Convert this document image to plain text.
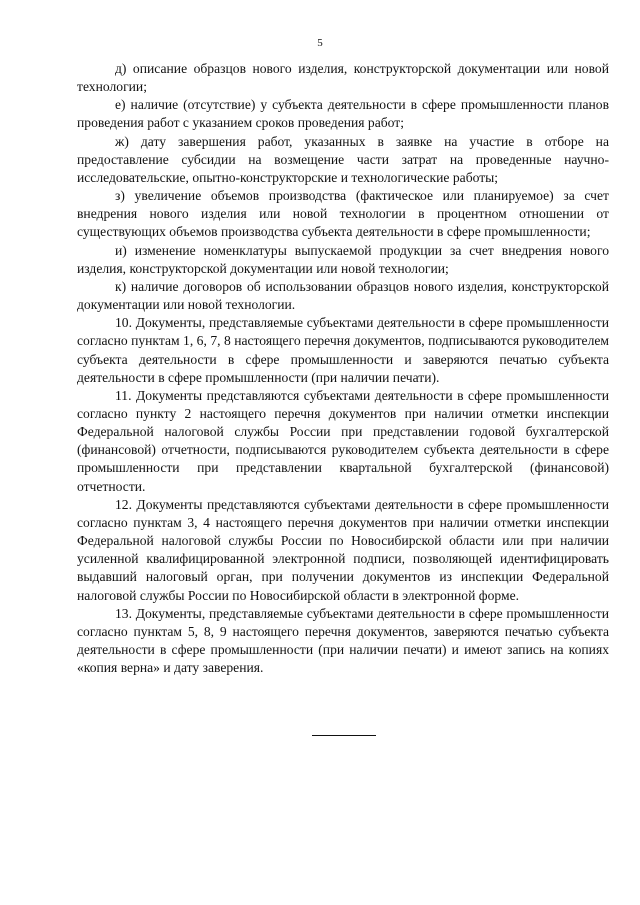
5

д) описание образцов нового изделия, конструкторской документации или новой технологии;

е) наличие (отсутствие) у субъекта деятельности в сфере промышленности планов проведения работ с указанием сроков проведения работ;

ж) дату завершения работ, указанных в заявке на участие в отборе на предоставление субсидии на возмещение части затрат на проведенные научно-исследовательские, опытно-конструкторские и технологические работы;

з) увеличение объемов производства (фактическое или планируемое) за счет внедрения нового изделия или новой технологии в процентном отношении от существующих объемов производства субъекта деятельности в сфере промышленности;

и) изменение номенклатуры выпускаемой продукции за счет внедрения нового изделия, конструкторской документации или новой технологии;

к) наличие договоров об использовании образцов нового изделия, конструкторской документации или новой технологии.

10. Документы, представляемые субъектами деятельности в сфере промышленности согласно пунктам 1, 6, 7, 8 настоящего перечня документов, подписываются руководителем субъекта деятельности в сфере промышленности и заверяются печатью субъекта деятельности в сфере промышленности (при наличии печати).

11. Документы представляются субъектами деятельности в сфере промышленности согласно пункту 2 настоящего перечня документов при наличии отметки инспекции Федеральной налоговой службы России при представлении годовой бухгалтерской (финансовой) отчетности, подписываются руководителем субъекта деятельности в сфере промышленности при представлении квартальной бухгалтерской (финансовой) отчетности.

12. Документы представляются субъектами деятельности в сфере промышленности согласно пунктам 3, 4 настоящего перечня документов при наличии отметки инспекции Федеральной налоговой службы России по Новосибирской области или при наличии усиленной квалифицированной электронной подписи, позволяющей идентифицировать выдавший налоговый орган, при получении документов из инспекции Федеральной налоговой службы России по Новосибирской области в электронной форме.

13. Документы, представляемые субъектами деятельности в сфере промышленности согласно пунктам 5, 8, 9 настоящего перечня документов, заверяются печатью субъекта деятельности в сфере промышленности (при наличии печати) и имеют запись на копиях «копия верна» и дату заверения.
